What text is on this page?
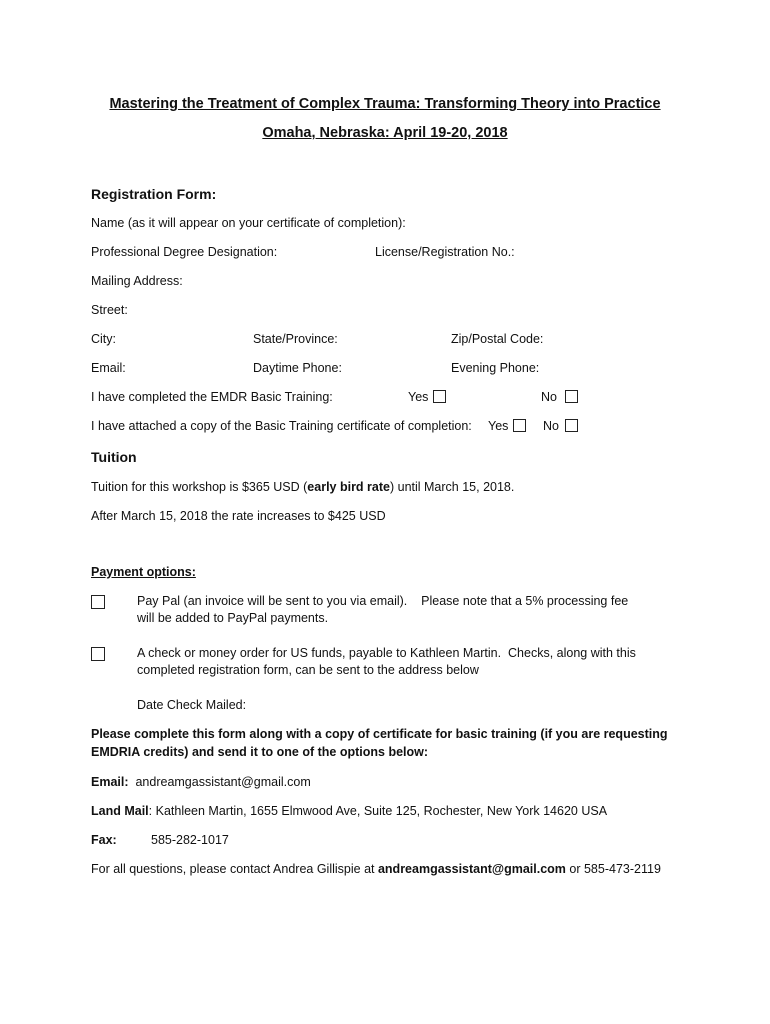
Mastering the Treatment of Complex Trauma: Transforming Theory into Practice
Omaha, Nebraska: April 19-20, 2018
Registration Form:
Name (as it will appear on your certificate of completion):
Professional Degree Designation:	License/Registration No.:
Mailing Address:
Street:
City:	State/Province:	Zip/Postal Code:
Email:	Daytime Phone:	Evening Phone:
I have completed the EMDR Basic Training:	Yes	No
I have attached a copy of the Basic Training certificate of completion: Yes	No
Tuition
Tuition for this workshop is $365 USD (early bird rate) until March 15, 2018.
After March 15, 2018 the rate increases to $425 USD
Payment options:
Pay Pal (an invoice will be sent to you via email).    Please note that a 5% processing fee
will be added to PayPal payments.
A check or money order for US funds, payable to Kathleen Martin.  Checks, along with this
completed registration form, can be sent to the address below
Date Check Mailed:
Please complete this form along with a copy of certificate for basic training (if you are requesting
EMDRIA credits) and send it to one of the options below:
Email: andreamgassistant@gmail.com
Land Mail: Kathleen Martin, 1655 Elmwood Ave, Suite 125, Rochester, New York 14620 USA
Fax:	585-282-1017
For all questions, please contact Andrea Gillispie at andreamgassistant@gmail.com or 585-473-2119
